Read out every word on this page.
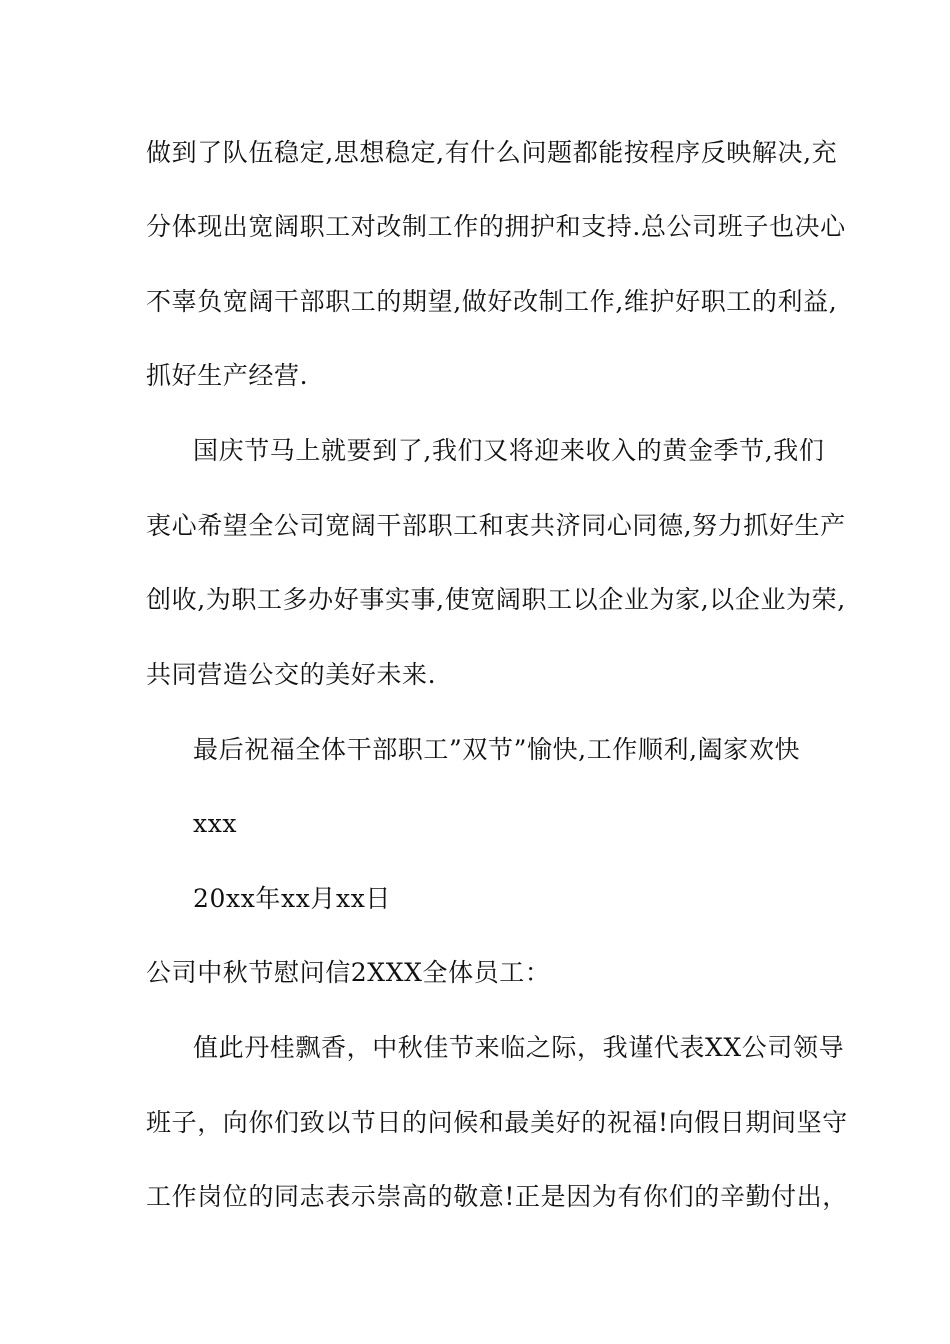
做到了队伍稳定,思想稳定,有什么问题都能按程序反映解决,充
分体现出宽阔职工对改制工作的拥护和支持.总公司班子也决心
不辜负宽阔干部职工的期望,做好改制工作,维护好职工的利益,
抓好生产经营.
国庆节马上就要到了,我们又将迎来收入的黄金季节,我们
衷心希望全公司宽阔干部职工和衷共济同心同德,努力抓好生产
创收,为职工多办好事实事,使宽阔职工以企业为家,以企业为荣,
共同营造公交的美好未来.
最后祝福全体干部职工”双节”愉快,工作顺利,阖家欢快
xxx
20xx年xx月xx日
公司中秋节慰问信2XXX全体员工：
值此丹桂飘香，中秋佳节来临之际，我谨代表XX公司领导
班子，向你们致以节日的问候和最美好的祝福!向假日期间坚守
工作岗位的同志表示崇高的敬意!正是因为有你们的辛勤付出，
